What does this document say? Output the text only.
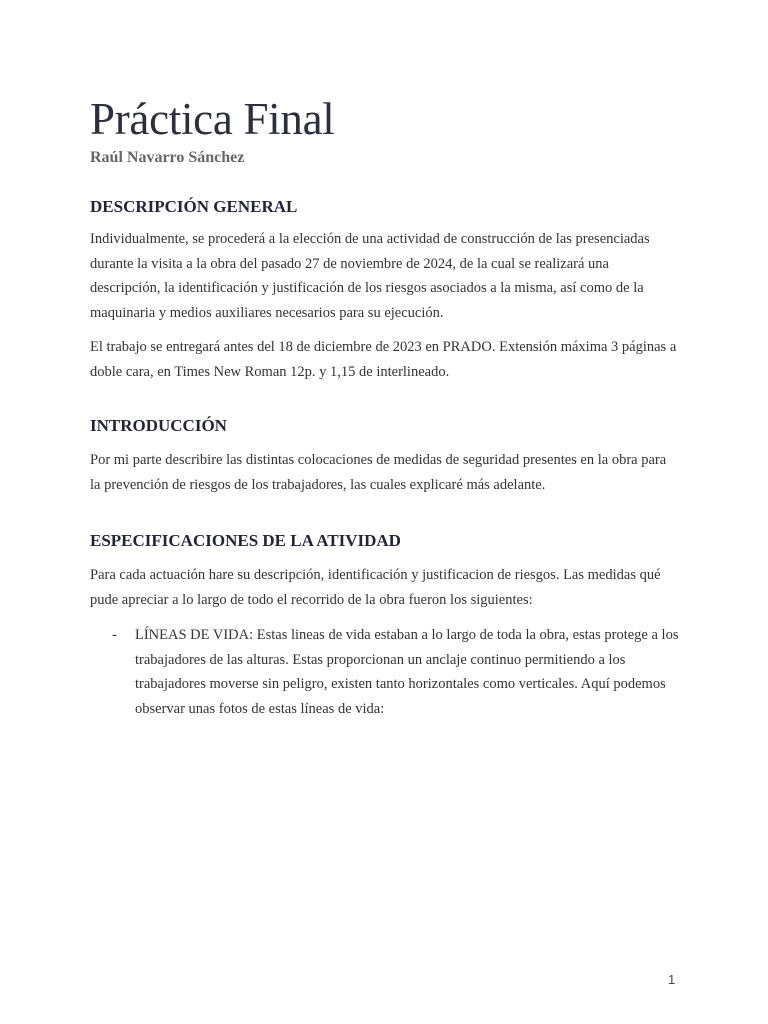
Práctica Final
Raúl Navarro Sánchez
DESCRIPCIÓN GENERAL

Individualmente, se procederá a la elección de una actividad de construcción de las presenciadas durante la visita a la obra del pasado 27 de noviembre de 2024, de la cual se realizará una descripción, la identificación y justificación de los riesgos asociados a la misma, así como de la maquinaria y medios auxiliares necesarios para su ejecución.

El trabajo se entregará antes del 18 de diciembre de 2023 en PRADO. Extensión máxima 3 páginas a doble cara, en Times New Roman 12p. y 1,15 de interlineado.

INTRODUCCIÓN

Por mi parte describire las distintas colocaciones de medidas de seguridad presentes en la obra para la prevención de riesgos de los trabajadores, las cuales explicaré más adelante.

ESPECIFICACIONES DE LA ATIVIDAD

Para cada actuación hare su descripción, identificación y justificacion de riesgos. Las medidas qué pude apreciar a lo largo de todo el recorrido de la obra fueron los siguientes:

- LÍNEAS DE VIDA: Estas lineas de vida estaban a lo largo de toda la obra, estas protege a los trabajadores de las alturas. Estas proporcionan un anclaje continuo permitiendo a los trabajadores moverse sin peligro, existen tanto horizontales como verticales. Aquí podemos observar unas fotos de estas líneas de vida:
1
